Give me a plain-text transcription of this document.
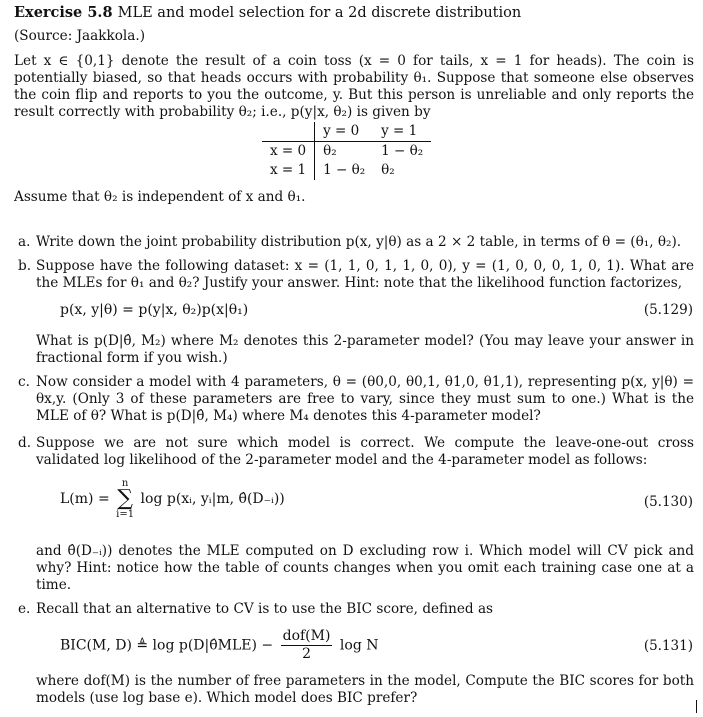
Exercise 5.8 MLE and model selection for a 2d discrete distribution
(Source: Jaakkola.)
Let x ∈ {0,1} denote the result of a coin toss (x = 0 for tails, x = 1 for heads). The coin is potentially biased, so that heads occurs with probability θ₁. Suppose that someone else observes the coin flip and reports to you the outcome, y. But this person is unreliable and only reports the result correctly with probability θ₂; i.e., p(y|x, θ₂) is given by
	y = 0	y = 1
x = 0	θ₂	1 − θ₂
x = 1	1 − θ₂	θ₂
Assume that θ₂ is independent of x and θ₁.
a. Write down the joint probability distribution p(x, y|θ) as a 2 × 2 table, in terms of θ = (θ₁, θ₂).
b. Suppose have the following dataset: x = (1, 1, 0, 1, 1, 0, 0), y = (1, 0, 0, 0, 1, 0, 1). What are the MLEs for θ₁ and θ₂? Justify your answer. Hint: note that the likelihood function factorizes,
p(x, y|θ) = p(y|x, θ₂)p(x|θ₁)	(5.129)
What is p(D|θ̂, M₂) where M₂ denotes this 2-parameter model? (You may leave your answer in fractional form if you wish.)
c. Now consider a model with 4 parameters, θ = (θ0,0, θ0,1, θ1,0, θ1,1), representing p(x, y|θ) = θx,y. (Only 3 of these parameters are free to vary, since they must sum to one.) What is the MLE of θ? What is p(D|θ̂, M₄) where M₄ denotes this 4-parameter model?
d. Suppose we are not sure which model is correct. We compute the leave-one-out cross validated log likelihood of the 2-parameter model and the 4-parameter model as follows:
L(m) = n
∑
i=1 log p(xᵢ, yᵢ|m, θ̂(D₋ᵢ))	(5.130)
and θ̂(D₋ᵢ)) denotes the MLE computed on D excluding row i. Which model will CV pick and why? Hint: notice how the table of counts changes when you omit each training case one at a time.
e. Recall that an alternative to CV is to use the BIC score, defined as
BIC(M, D) ≜ log p(D|θ̂MLE) − $\frac{\text{dof(M)}}{2}$ log N	(5.131)
where dof(M) is the number of free parameters in the model, Compute the BIC scores for both models (use log base e). Which model does BIC prefer?
